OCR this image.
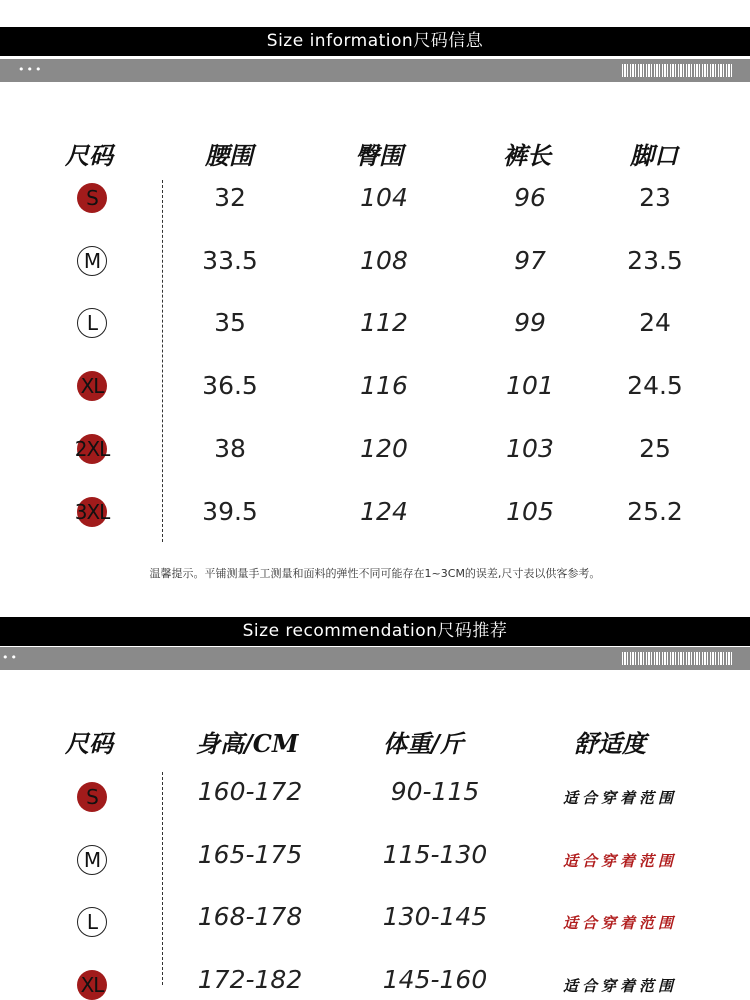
Size information尺码信息
•••
尺码	腰围	臀围	裤长	脚口
S	32	104	96	23
M	33.5	108	97	23.5
L	35	112	99	24
XL	36.5	116	101	24.5
2XL	38	120	103	25
3XL	39.5	124	105	25.2
温馨提示。平铺测量手工测量和面料的弹性不同可能存在1~3CM的误差,尺寸表以供客参考。
Size recommendation尺码推荐
••
尺码	身高/CM	体重/斤	舒适度
S	160-172	90-115	适合穿着范围
M	165-175	115-130	适合穿着范围
L	168-178	130-145	适合穿着范围
XL	172-182	145-160	适合穿着范围
